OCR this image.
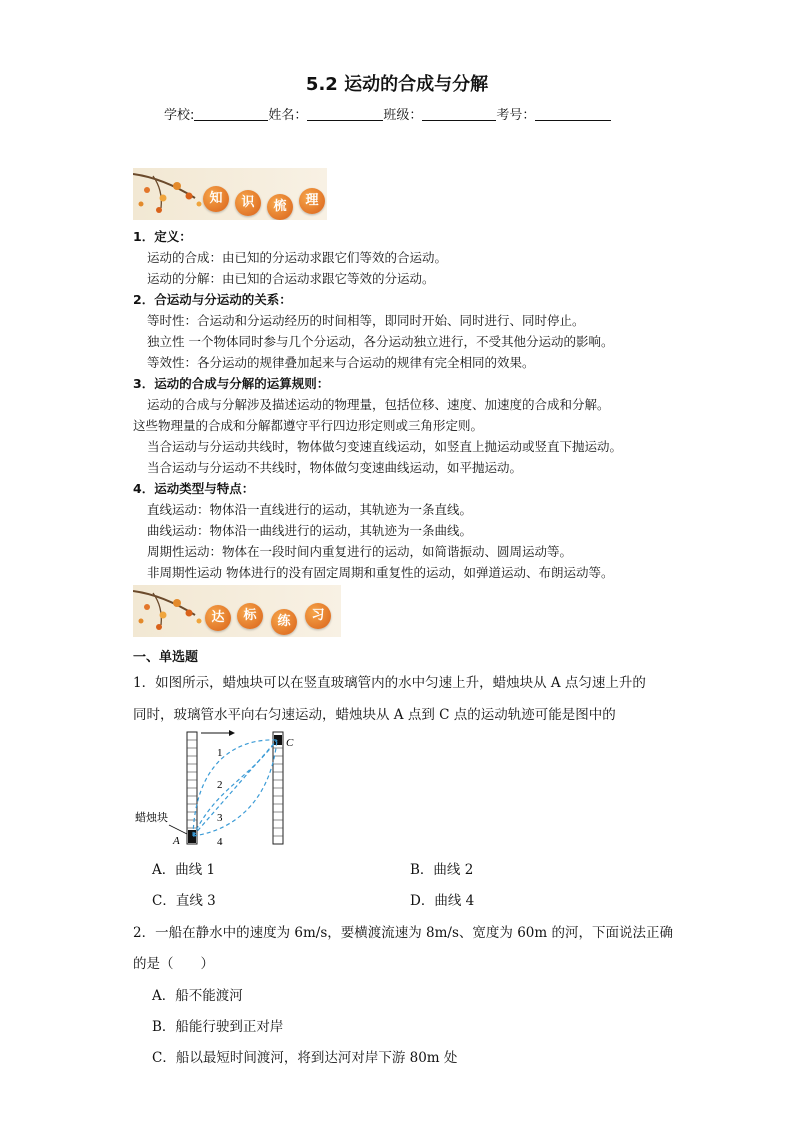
5.2 运动的合成与分解
学校:	姓名：	班级：	考号：
知	识	梳	理
1．定义：
运动的合成：由已知的分运动求跟它们等效的合运动。
运动的分解：由已知的合运动求跟它等效的分运动。
2．合运动与分运动的关系：
等时性：合运动和分运动经历的时间相等，即同时开始、同时进行、同时停止。
独立性 一个物体同时参与几个分运动，各分运动独立进行，不受其他分运动的影响。
等效性：各分运动的规律叠加起来与合运动的规律有完全相同的效果。
3．运动的合成与分解的运算规则：
运动的合成与分解涉及描述运动的物理量，包括位移、速度、加速度的合成和分解。
这些物理量的合成和分解都遵守平行四边形定则或三角形定则。
当合运动与分运动共线时，物体做匀变速直线运动，如竖直上抛运动或竖直下抛运动。
当合运动与分运动不共线时，物体做匀变速曲线运动，如平抛运动。
4．运动类型与特点：
直线运动：物体沿一直线进行的运动，其轨迹为一条直线。
曲线运动：物体沿一曲线进行的运动，其轨迹为一条曲线。
周期性运动：物体在一段时间内重复进行的运动，如简谐振动、圆周运动等。
非周期性运动 物体进行的没有固定周期和重复性的运动，如弹道运动、布朗运动等。
达	标	练	习
一、单选题
1．如图所示，蜡烛块可以在竖直玻璃管内的水中匀速上升，蜡烛块从 A 点匀速上升的
同时，玻璃管水平向右匀速运动，蜡烛块从 A 点到 C 点的运动轨迹可能是图中的
1
2
3
4
蜡烛块
A
C
A．曲线 1	B．曲线 2
C．直线 3	D．曲线 4
2．一船在静水中的速度为 6m/s，要横渡流速为 8m/s、宽度为 60m 的河，下面说法正确
的是（　　）
A．船不能渡河
B．船能行驶到正对岸
C．船以最短时间渡河，将到达河对岸下游 80m 处
